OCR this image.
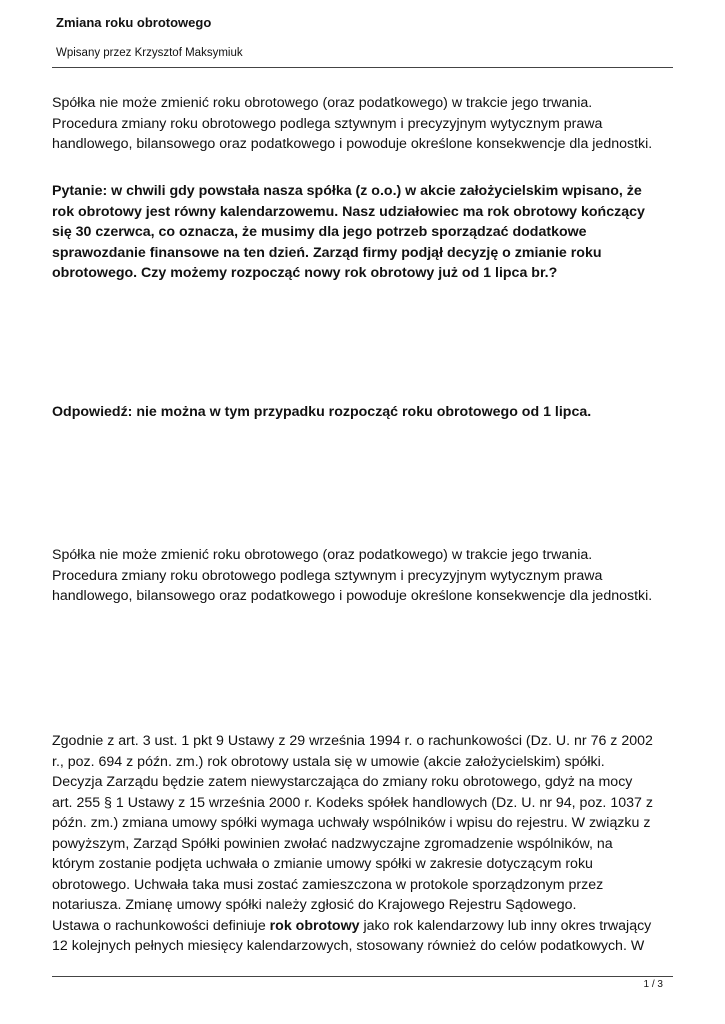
Zmiana roku obrotowego
Wpisany przez Krzysztof Maksymiuk
Spółka nie może zmienić roku obrotowego (oraz podatkowego) w trakcie jego trwania.
Procedura zmiany roku obrotowego podlega sztywnym i precyzyjnym wytycznym prawa
handlowego, bilansowego oraz podatkowego i powoduje określone konsekwencje dla jednostki.
Pytanie: w chwili gdy powstała nasza spółka (z o.o.) w akcie założycielskim wpisano, że
rok obrotowy jest równy kalendarzowemu. Nasz udziałowiec ma rok obrotowy kończący
się 30 czerwca, co oznacza, że musimy dla jego potrzeb sporządzać dodatkowe
sprawozdanie finansowe na ten dzień. Zarząd firmy podjął decyzję o zmianie roku
obrotowego. Czy możemy rozpocząć nowy rok obrotowy już od 1 lipca br.?
Odpowiedź: nie można w tym przypadku rozpocząć roku obrotowego od 1 lipca.
Spółka nie może zmienić roku obrotowego (oraz podatkowego) w trakcie jego trwania.
Procedura zmiany roku obrotowego podlega sztywnym i precyzyjnym wytycznym prawa
handlowego, bilansowego oraz podatkowego i powoduje określone konsekwencje dla jednostki.
Zgodnie z art. 3 ust. 1 pkt 9 Ustawy z 29 września 1994 r. o rachunkowości (Dz. U. nr 76 z 2002
r., poz. 694 z późn. zm.) rok obrotowy ustala się w umowie (akcie założycielskim) spółki.
Decyzja Zarządu będzie zatem niewystarczająca do zmiany roku obrotowego, gdyż na mocy
art. 255 § 1 Ustawy z 15 września 2000 r. Kodeks spółek handlowych (Dz. U. nr 94, poz. 1037 z
późn. zm.) zmiana umowy spółki wymaga uchwały wspólników i wpisu do rejestru. W związku z
powyższym, Zarząd Spółki powinien zwołać nadzwyczajne zgromadzenie wspólników, na
którym zostanie podjęta uchwała o zmianie umowy spółki w zakresie dotyczącym roku
obrotowego. Uchwała taka musi zostać zamieszczona w protokole sporządzonym przez
notariusza. Zmianę umowy spółki należy zgłosić do Krajowego Rejestru Sądowego.
Ustawa o rachunkowości definiuje rok obrotowy jako rok kalendarzowy lub inny okres trwający
12 kolejnych pełnych miesięcy kalendarzowych, stosowany również do celów podatkowych. W
1 / 3
